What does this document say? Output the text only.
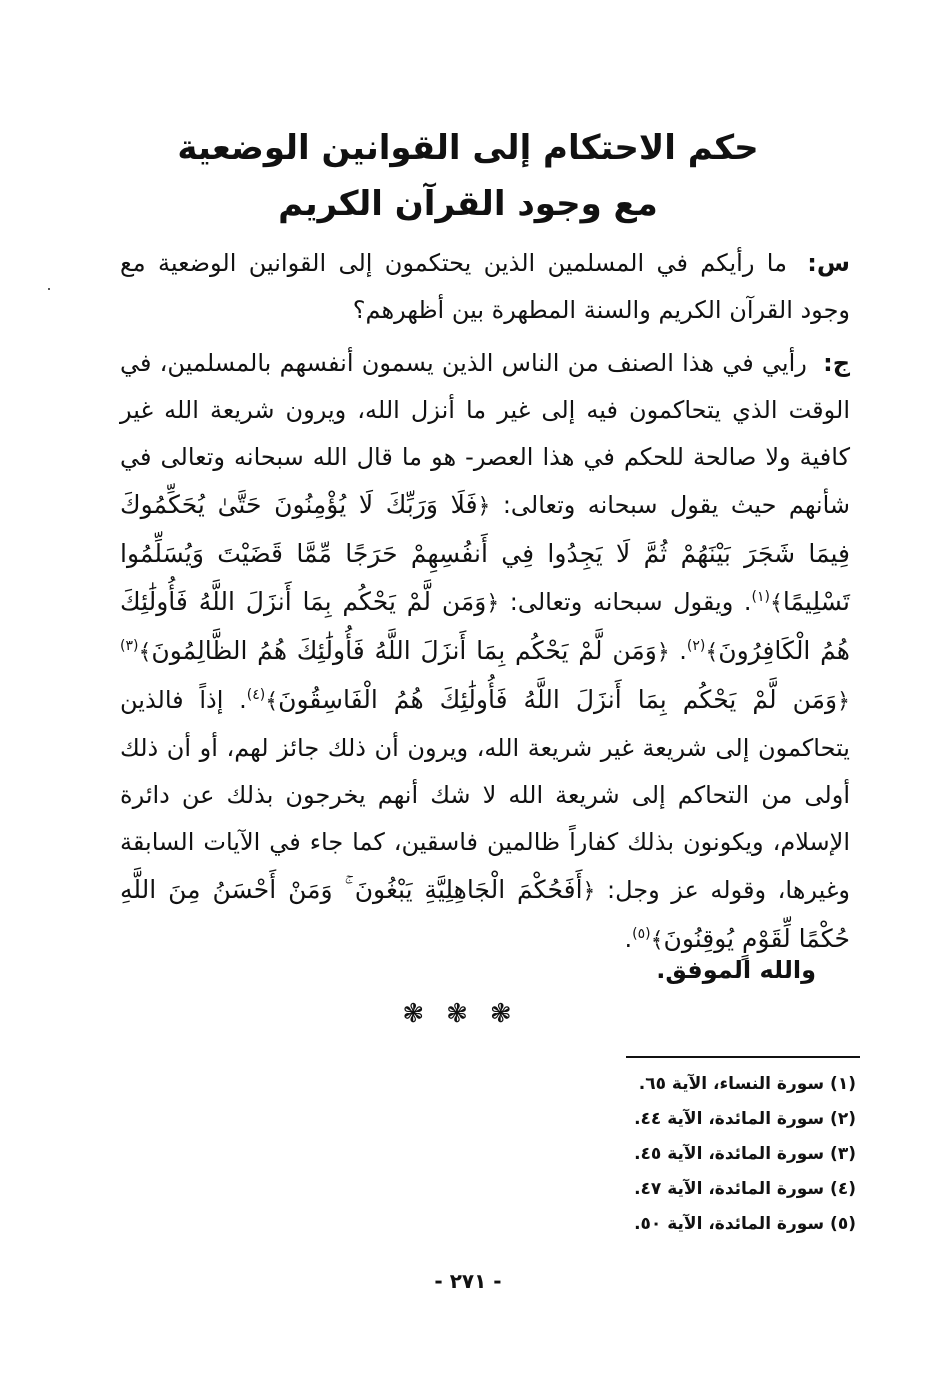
حكم الاحتكام إلى القوانين الوضعية
مع وجود القرآن الكريم

س: ما رأيكم في المسلمين الذين يحتكمون إلى القوانين الوضعية مع وجود القرآن الكريم والسنة المطهرة بين أظهرهم؟

ج: رأيي في هذا الصنف من الناس الذين يسمون أنفسهم بالمسلمين، في الوقت الذي يتحاكمون فيه إلى غير ما أنزل الله، ويرون شريعة الله غير كافية ولا صالحة للحكم في هذا العصر- هو ما قال الله سبحانه وتعالى في شأنهم حيث يقول سبحانه وتعالى: ﴿فَلَا وَرَبِّكَ لَا يُؤْمِنُونَ حَتَّىٰ يُحَكِّمُوكَ فِيمَا شَجَرَ بَيْنَهُمْ ثُمَّ لَا يَجِدُوا فِي أَنفُسِهِمْ حَرَجًا مِّمَّا قَضَيْتَ وَيُسَلِّمُوا تَسْلِيمًا﴾$^{(١)}$. ويقول سبحانه وتعالى: ﴿وَمَن لَّمْ يَحْكُم بِمَا أَنزَلَ اللَّهُ فَأُولَٰئِكَ هُمُ الْكَافِرُونَ﴾$^{(٢)}$. ﴿وَمَن لَّمْ يَحْكُم بِمَا أَنزَلَ اللَّهُ فَأُولَٰئِكَ هُمُ الظَّالِمُونَ﴾$^{(٣)}$ ﴿وَمَن لَّمْ يَحْكُم بِمَا أَنزَلَ اللَّهُ فَأُولَٰئِكَ هُمُ الْفَاسِقُونَ﴾$^{(٤)}$. إذاً فالذين يتحاكمون إلى شريعة غير شريعة الله، ويرون أن ذلك جائز لهم، أو أن ذلك أولى من التحاكم إلى شريعة الله لا شك أنهم يخرجون بذلك عن دائرة الإسلام، ويكونون بذلك كفاراً ظالمين فاسقين، كما جاء في الآيات السابقة وغيرها، وقوله عز وجل: ﴿أَفَحُكْمَ الْجَاهِلِيَّةِ يَبْغُونَ ۚ وَمَنْ أَحْسَنُ مِنَ اللَّهِ حُكْمًا لِّقَوْمٍ يُوقِنُونَ﴾$^{(٥)}$.

والله الموفق.
❃❃❃
(١) سورة النساء، الآية ٦٥.
(٢) سورة المائدة، الآية ٤٤.
(٣) سورة المائدة، الآية ٤٥.
(٤) سورة المائدة، الآية ٤٧.
(٥) سورة المائدة، الآية ٥٠.
- ٢٧١ -
